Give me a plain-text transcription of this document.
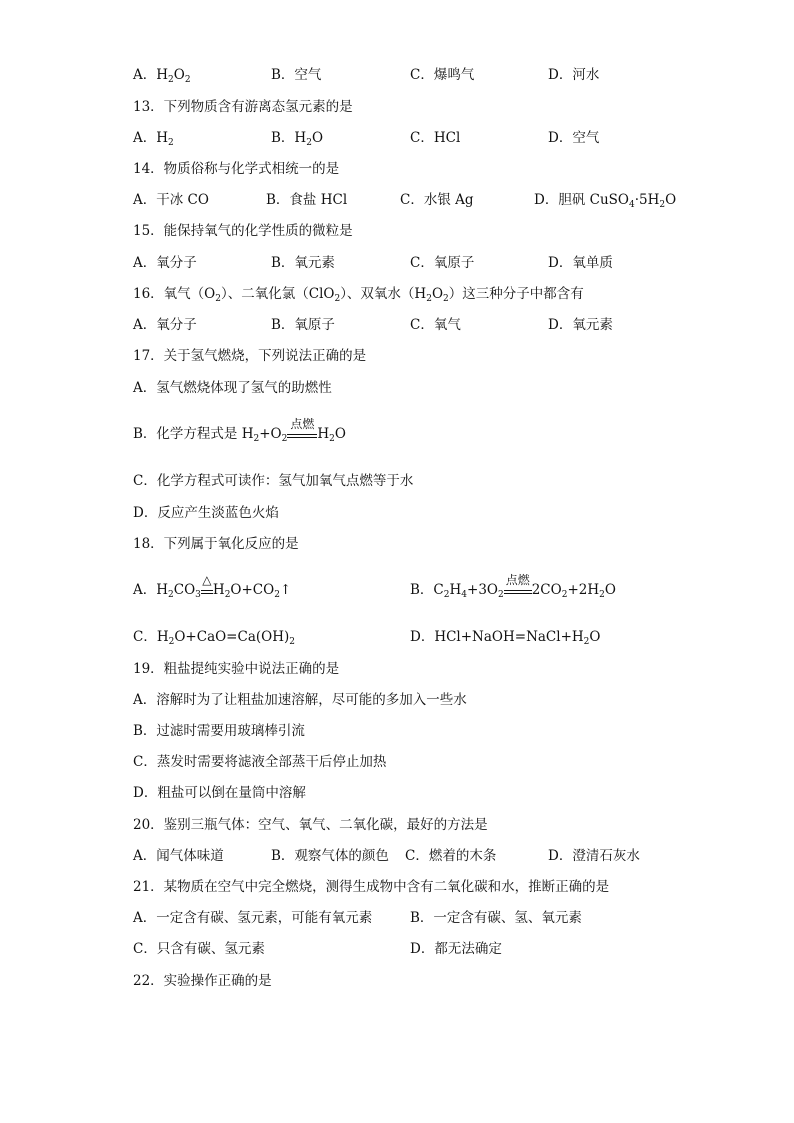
A．$H_2O_2$	B．空气	C．爆鸣气	D．河水
13．下列物质含有游离态氢元素的是
A．$H_2$	B．$H_2O$	C．HCl	D．空气
14．物质俗称与化学式相统一的是
A．干冰 CO	B．食盐 HCl	C．水银 Ag	D．胆矾 $CuSO_4\cdot 5H_2O$
15．能保持氧气的化学性质的微粒是
A．氧分子	B．氧元素	C．氧原子	D．氧单质
16．氧气$(O_2)$、二氧化氯（ClO$_2$）、双氧水$(H_2O_2)$这三种分子中都含有
A．氧分子	B．氧原子	C．氧气	D．氧元素
17．关于氢气燃烧，下列说法正确的是
A．氢气燃烧体现了氢气的助燃性
B．化学方程式是 $H_2+O_2$
点燃
$H_2O$
C．化学方程式可读作：氢气加氧气点燃等于水
D．反应产生淡蓝色火焰
18．下列属于氧化反应的是
A．$H_2CO_3$
△
$H_2O+CO_2↑$	B．$C_2H_4+3O_2$
点燃
$2CO_2+2H_2O$
C．$H_2O+CaO=Ca(OH)_2$	D．$HCl+NaOH=NaCl+H_2O$
19．粗盐提纯实验中说法正确的是
A．溶解时为了让粗盐加速溶解，尽可能的多加入一些水
B．过滤时需要用玻璃棒引流
C．蒸发时需要将滤液全部蒸干后停止加热
D．粗盐可以倒在量筒中溶解
20．鉴别三瓶气体：空气、氧气、二氧化碳，最好的方法是
A．闻气体味道	B．观察气体的颜色 C．燃着的木条	D．澄清石灰水
21．某物质在空气中完全燃烧，测得生成物中含有二氧化碳和水，推断正确的是
A．一定含有碳、氢元素，可能有氧元素	B．一定含有碳、氢、氧元素
C．只含有碳、氢元素	D．都无法确定
22．实验操作正确的是
